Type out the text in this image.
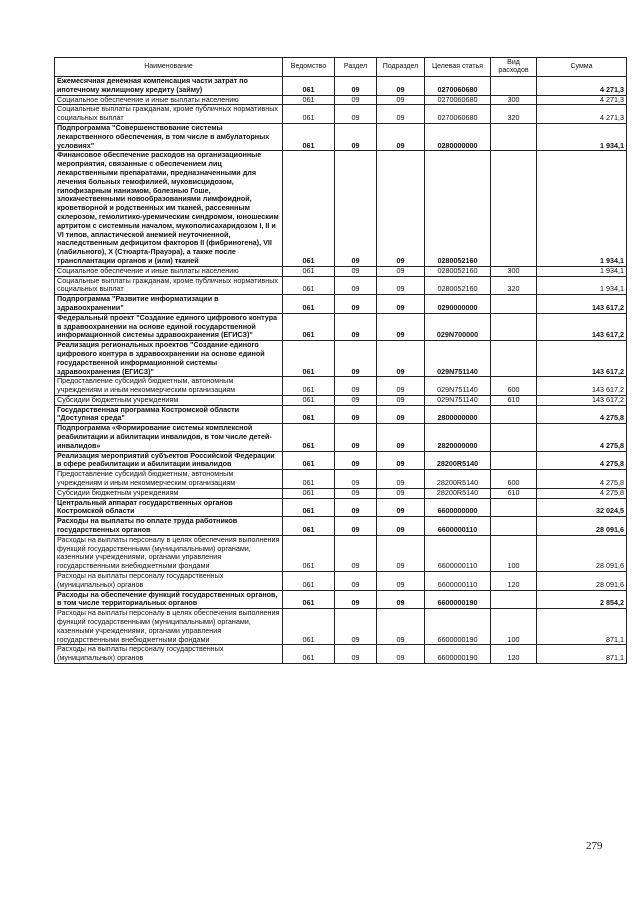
Наименование	Ведомство	Раздел	Подраздел	Целевая статья	Вид расходов	Сумма
Ежемесячная денежная компенсация части затрат по ипотечному жилищному кредиту (займу)	061	09	09	0270060680		4 271,3
Социальное обеспечение и иные выплаты населению	061	09	09	0270060680	300	4 271,3
Социальные выплаты гражданам, кроме публичных нормативных социальных выплат	061	09	09	0270060680	320	4 271,3
Подпрограмма "Совершенствование системы лекарственного обеспечения, в том числе в амбулаторных условиях"	061	09	09	0280000000		1 934,1
Финансовое обеспечение расходов на организационные мероприятия, связанные с обеспечением лиц лекарственными препаратами, предназначенными для лечения больных гемофилией, муковисцидозом, гипофизарным нанизмом, болезнью Гоше, злокачественными новообразованиями лимфоидной, кроветворной и родственных им тканей, рассеянным склерозом, гемолитико-уремическим синдромом, юношеским артритом с системным началом, мукополисахаридозом I, II и VI типов, апластической анемией неуточненной, наследственным дефицитом факторов II (фибриногена), VII (лабильного), X (Стюарта-Прауэра), а также после трансплантации органов и (или) тканей	061	09	09	0280052160		1 934,1
Социальное обеспечение и иные выплаты населению	061	09	09	0280052160	300	1 934,1
Социальные выплаты гражданам, кроме публичных нормативных социальных выплат	061	09	09	0280052160	320	1 934,1
Подпрограмма "Развитие информатизации в здравоохранении"	061	09	09	0290000000		143 617,2
Федеральный проект "Создание единого цифрового контура в здравоохранении на основе единой государственной информационной системы здравоохранения (ЕГИСЗ)"	061	09	09	029N700000		143 617,2
Реализация региональных проектов "Создание единого цифрового контура в здравоохранении на основе единой государственной информационной системы здравоохранения (ЕГИСЗ)"	061	09	09	029N751140		143 617,2
Предоставление субсидий бюджетным, автономным учреждениям и иным некоммерческим организациям	061	09	09	029N751140	600	143 617,2
Субсидии бюджетным учреждениям	061	09	09	029N751140	610	143 617,2
Государственная программа Костромской области "Доступная среда"	061	09	09	2800000000		4 275,8
Подпрограмма «Формирование системы комплексной реабилитации и абилитации инвалидов, в том числе детей-инвалидов»	061	09	09	2820000000		4 275,8
Реализация мероприятий субъектов Российской Федерации в сфере реабилитации и абилитации инвалидов	061	09	09	28200R5140		4 275,8
Предоставление субсидий бюджетным, автономным учреждениям и иным некоммерческим организациям	061	09	09	28200R5140	600	4 275,8
Субсидии бюджетным учреждениям	061	09	09	28200R5140	610	4 275,8
Центральный аппарат государственных органов Костромской области	061	09	09	6600000000		32 024,5
Расходы на выплаты по оплате труда работников государственных органов	061	09	09	6600000110		28 091,6
Расходы на выплаты персоналу в целях обеспечения выполнения функций государственными (муниципальными) органами, казенными учреждениями, органами управления государственными внебюджетными фондами	061	09	09	6600000110	100	28 091,6
Расходы на выплаты персоналу государственных (муниципальных) органов	061	09	09	6600000110	120	28 091,6
Расходы на обеспечение функций государственных органов, в том числе территориальных органов	061	09	09	6600000190		2 854,2
Расходы на выплаты персоналу в целях обеспечения выполнения функций государственными (муниципальными) органами, казенными учреждениями, органами управления государственными внебюджетными фондами	061	09	09	6600000190	100	871,1
Расходы на выплаты персоналу государственных (муниципальных) органов	061	09	09	6600000190	120	871,1
279
